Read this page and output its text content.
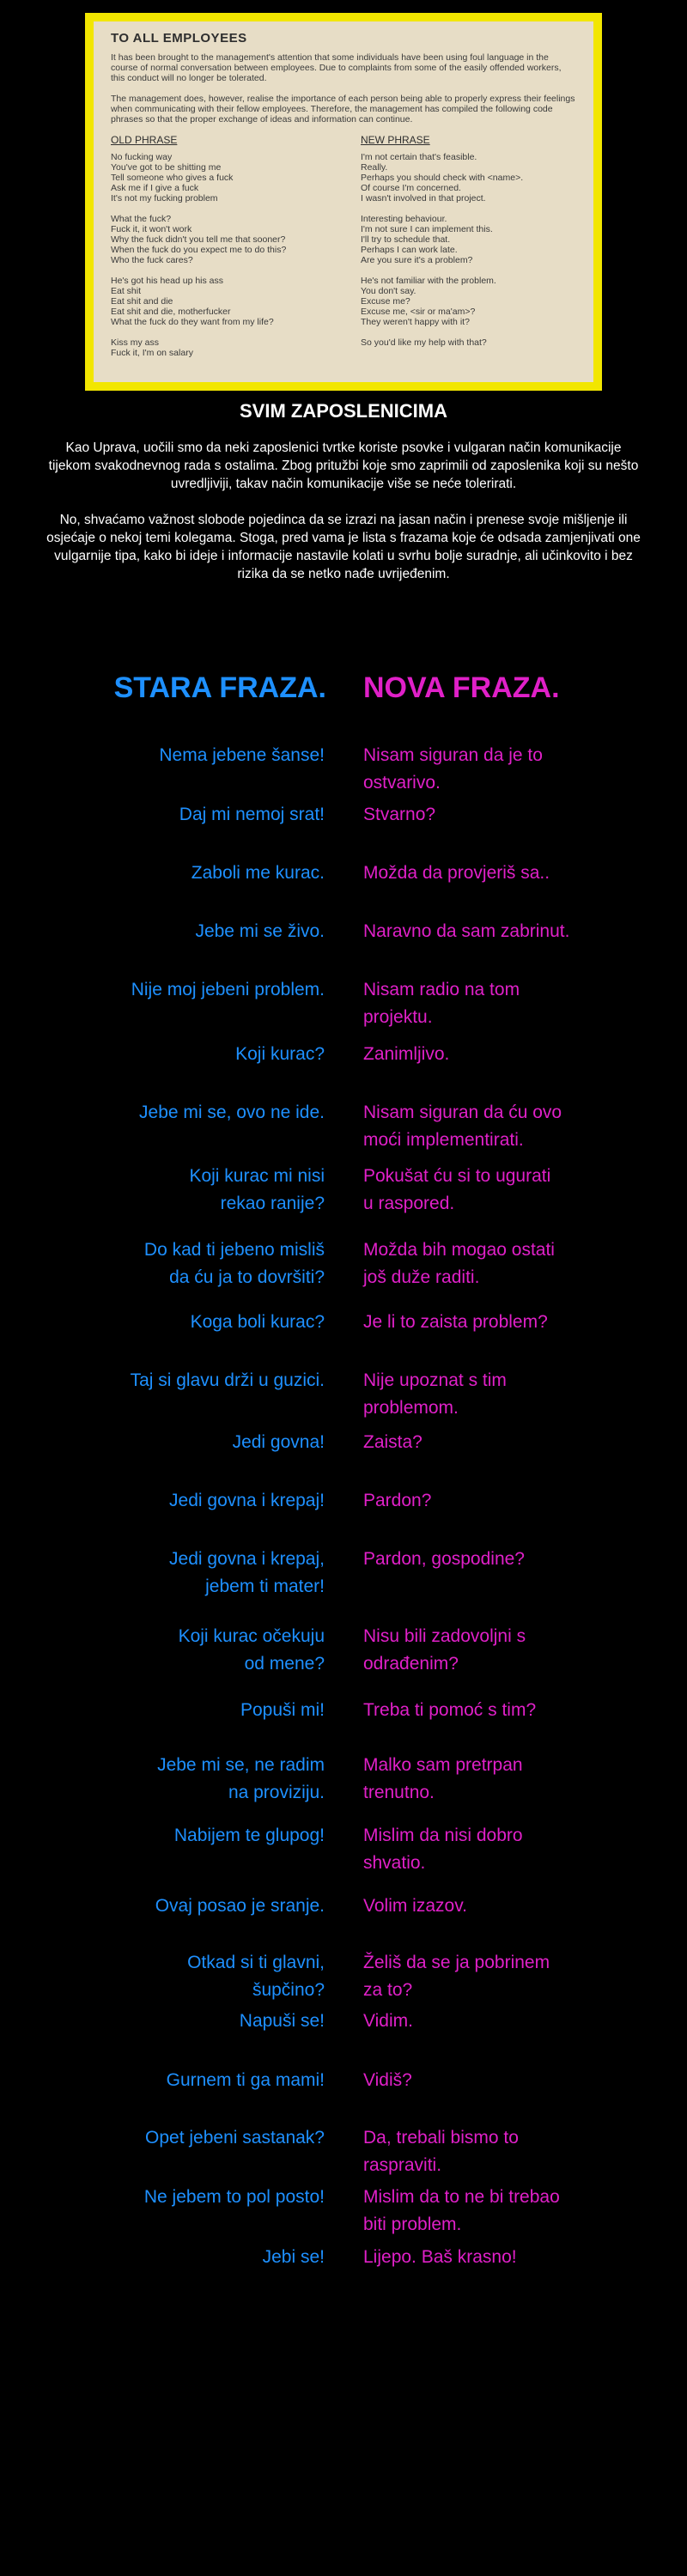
TO ALL EMPLOYEES

It has been brought to the management's attention that some individuals have been using foul language in the course of normal conversation between employees. Due to complaints from some of the easily offended workers, this conduct will no longer be tolerated.

The management does, however, realise the importance of each person being able to properly express their feelings when communicating with their fellow employees. Therefore, the management has compiled the following code phrases so that the proper exchange of ideas and information can continue.

OLD PHRASE
No fucking way
You've got to be shitting me
Tell someone who gives a fuck
Ask me if I give a fuck
It's not my fucking problem
What the fuck?
Fuck it, it won't work
Why the fuck didn't you tell me that sooner?
When the fuck do you expect me to do this?
Who the fuck cares?
He's got his head up his ass
Eat shit
Eat shit and die
Eat shit and die, motherfucker
What the fuck do they want from my life?
Kiss my ass
Fuck it, I'm on salary
NEW PHRASE
I'm not certain that's feasible.
Really.
Perhaps you should check with <name>.
Of course I'm concerned.
I wasn't involved in that project.
Interesting behaviour.
I'm not sure I can implement this.
I'll try to schedule that.
Perhaps I can work late.
Are you sure it's a problem?
He's not familiar with the problem.
You don't say.
Excuse me?
Excuse me, <sir or ma'am>?
They weren't happy with it?
So you'd like my help with that?
SVIM ZAPOSLENICIMA

Kao Uprava, uočili smo da neki zaposlenici tvrtke koriste psovke i vulgaran način komunikacije tijekom svakodnevnog rada s ostalima. Zbog pritužbi koje smo zaprimili od zaposlenika koji su nešto uvredljiviji, takav način komunikacije više se neće tolerirati.

No, shvaćamo važnost slobode pojedinca da se izrazi na jasan način i prenese svoje mišljenje ili osjećaje o nekoj temi kolegama. Stoga, pred vama je lista s frazama koje će odsada zamjenjivati one vulgarnije tipa, kako bi ideje i informacije nastavile kolati u svrhu bolje suradnje, ali učinkovito i bez rizika da se netko nađe uvrijeđenim.

STARA FRAZA. NOVA FRAZA.
Nema jebene šanse! Nisam siguran da je to
ostvarivo.
Daj mi nemoj srat! Stvarno?
Zaboli me kurac. Možda da provjeriš sa..
Jebe mi se živo. Naravno da sam zabrinut.
Nije moj jebeni problem. Nisam radio na tom
projektu.
Koji kurac? Zanimljivo.
Jebe mi se, ovo ne ide. Nisam siguran da ću ovo
moći implementirati.
Koji kurac mi nisi
rekao ranije?
Pokušat ću si to ugurati
u raspored.
Do kad ti jebeno misliš
da ću ja to dovršiti?
Možda bih mogao ostati
još duže raditi.
Koga boli kurac? Je li to zaista problem?
Taj si glavu drži u guzici. Nije upoznat s tim
problemom.
Jedi govna! Zaista?
Jedi govna i krepaj! Pardon?
Jedi govna i krepaj,
jebem ti mater!
Pardon, gospodine?
Koji kurac očekuju
od mene?
Nisu bili zadovoljni s
odrađenim?
Popuši mi! Treba ti pomoć s tim?
Jebe mi se, ne radim
na proviziju.
Malko sam pretrpan
trenutno.
Nabijem te glupog! Mislim da nisi dobro
shvatio.
Ovaj posao je sranje. Volim izazov.
Otkad si ti glavni,
šupčino?
Želiš da se ja pobrinem
za to?
Napuši se! Vidim.
Gurnem ti ga mami! Vidiš?
Opet jebeni sastanak? Da, trebali bismo to
raspraviti.
Ne jebem to pol posto! Mislim da to ne bi trebao
biti problem.
Jebi se! Lijepo. Baš krasno!
